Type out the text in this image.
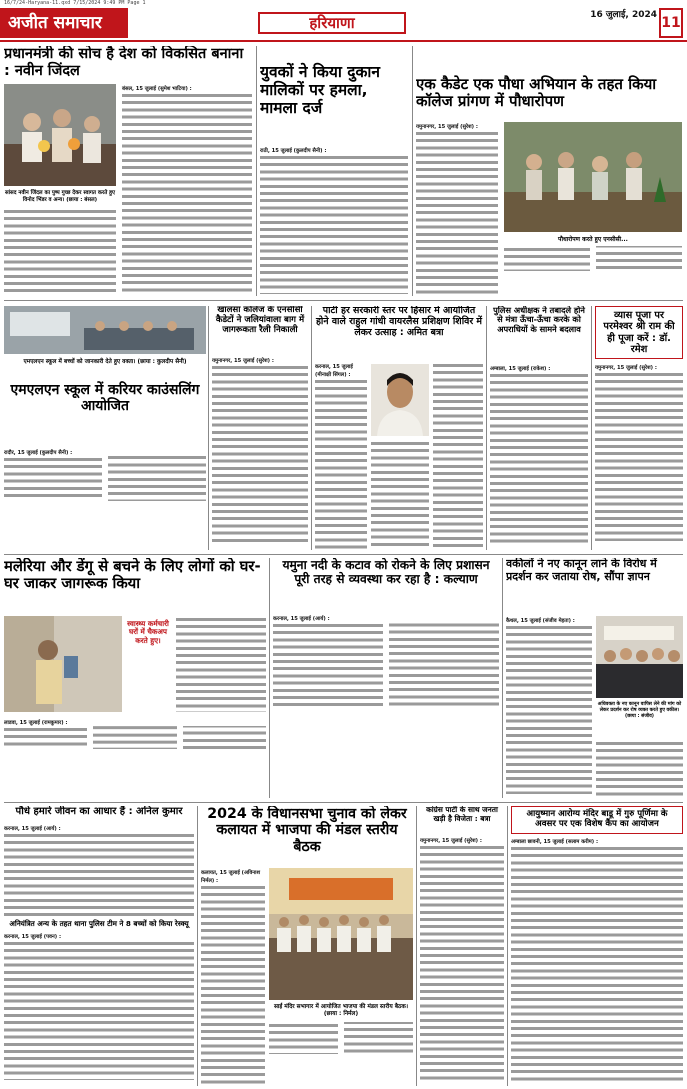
16/7/24-Haryana-11.qxd 7/15/2024 9:49 PM Page 1
अजीत समाचार	हरियाणा	16 जुलाई, 2024 11
प्रधानमंत्री की सोच है देश को विकसित बनाना : नवीन जिंदल
सांसद नवीन जिंदल का पुष्प गुच्छ देकर स्वागत करते हुए विनोद भिंडर व अन्य। (छाया : बंसल)
बंसल, 15 जुलाई (सुमेश भाटिया) :
युवकों ने किया दुकान मालिकों पर हमला, मामला दर्ज
राठी, 15 जुलाई (कुलदीप सैनी) :
एक कैडेट एक पौधा अभियान के तहत किया कॉलेज प्रांगण में पौधारोपण
यमुनानगर, 15 जुलाई (सुरेश) :
पौधारोपण करते हुए एनसीसी...
एमएलएन स्कूल में बच्चों को जानकारी देते हुए वक्ता। (छाया : कुलदीप सैनी)
एमएलएन स्कूल में करियर काउंसलिंग आयोजित
रादौर, 15 जुलाई (कुलदीप सैनी) :
खालसा कॉलेज के एनसीसी कैडेटों ने जलियांवाला बाग में जागरूकता रैली निकाली
यमुनानगर, 15 जुलाई (सुरेश) :
पार्टी हर सरकारी स्तर पर हिसार में आयोजित होने वाले राहुल गांधी वायरलैस प्रशिक्षण शिविर में लेकर उत्साह : अमित बत्रा
करनाल, 15 जुलाई (मीनाक्षी सिंगल) :
पुलिस अधीक्षक ने तबादले होने से मंत्रा ऊँचा-ऊँचा करके को अपराधियों के सामने बदलाव
अम्बाला, 15 जुलाई (राकेश) :
व्यास पूजा पर परमेश्वर श्री राम की ही पूजा करें : डॉ. रमेश
यमुनानगर, 15 जुलाई (सुरेश) :
मलेरिया और डेंगू से बचने के लिए लोगों को घर-घर जाकर जागरूक किया
स्वास्थ्य कर्मचारी घरों में चैकअप करते हुए।
लाडवा, 15 जुलाई (रामकुमार) :
यमुना नदी के कटाव को रोकने के लिए प्रशासन पूरी तरह से व्यवस्था कर रहा है : कल्याण
करनाल, 15 जुलाई (आर्य) :
वकीलों ने नए कानून लाने के विरोध में प्रदर्शन कर जताया रोष, सौंपा ज्ञापन
कैथल, 15 जुलाई (संजीव मेहता) :
अधिवक्ता के नए कानून वापिस लेने की मांग को लेकर प्रदर्शन कर रोष व्यक्त करते हुए वकील। (छाया : संजीव)
पौधे हमारे जीवन का आधार हैं : अनिल कुमार
करनाल, 15 जुलाई (आर्य) :
अनियंत्रित अन्य के तहत थाना पुलिस टीम ने 8 बच्चों को किया रेस्क्यू
करनाल, 15 जुलाई (पवन) :
2024 के विधानसभा चुनाव को लेकर कलायत में भाजपा की मंडल स्तरीय बैठक
कलायत, 15 जुलाई (अविनाश निर्मल) :
साईं मंदिर सभागार में आयोजित भाजपा की मंडल स्तरीय बैठक। (छाया : निर्मल)
कांग्रेस पार्टी के साथ जनता खड़ी है विजेता : बत्रा
यमुनानगर, 15 जुलाई (सुरेश) :
आयुष्मान आरोग्य मंदिर बाडू में गुरु पूर्णिमा के अवसर पर एक विशेष कैंप का आयोजन
अम्बाला छावनी, 15 जुलाई (सलाम करीम) :
